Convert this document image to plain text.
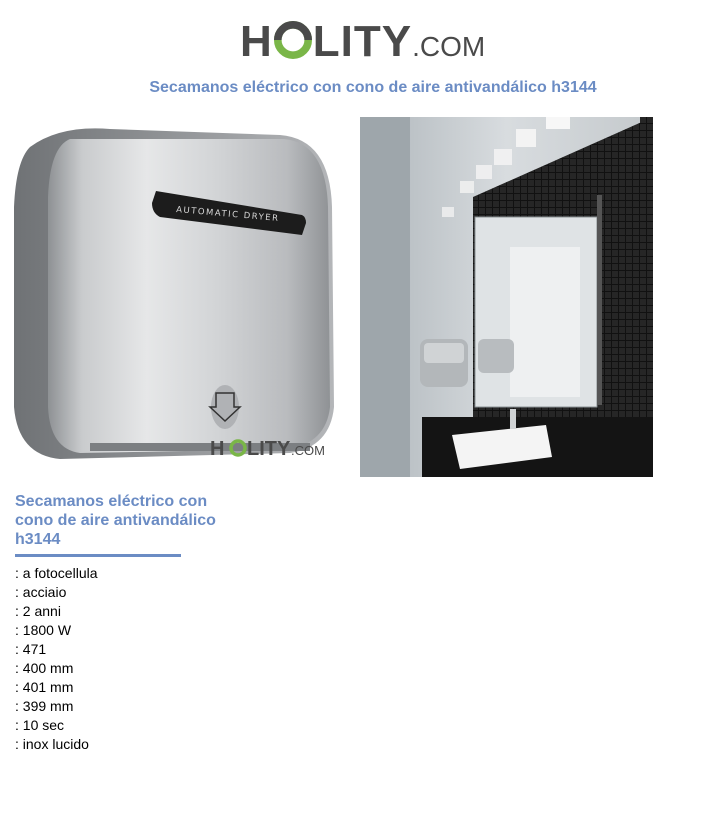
H LITY.COM
Secamanos eléctrico con cono de aire antivandálico h3144
AUTOMATIC DRYER
H LITY .COM
Secamanos eléctrico con cono de aire antivandálico h3144
: a fotocellula
: acciaio
: 2 anni
: 1800 W
: 471
: 400 mm
: 401 mm
: 399 mm
: 10 sec
: inox lucido
